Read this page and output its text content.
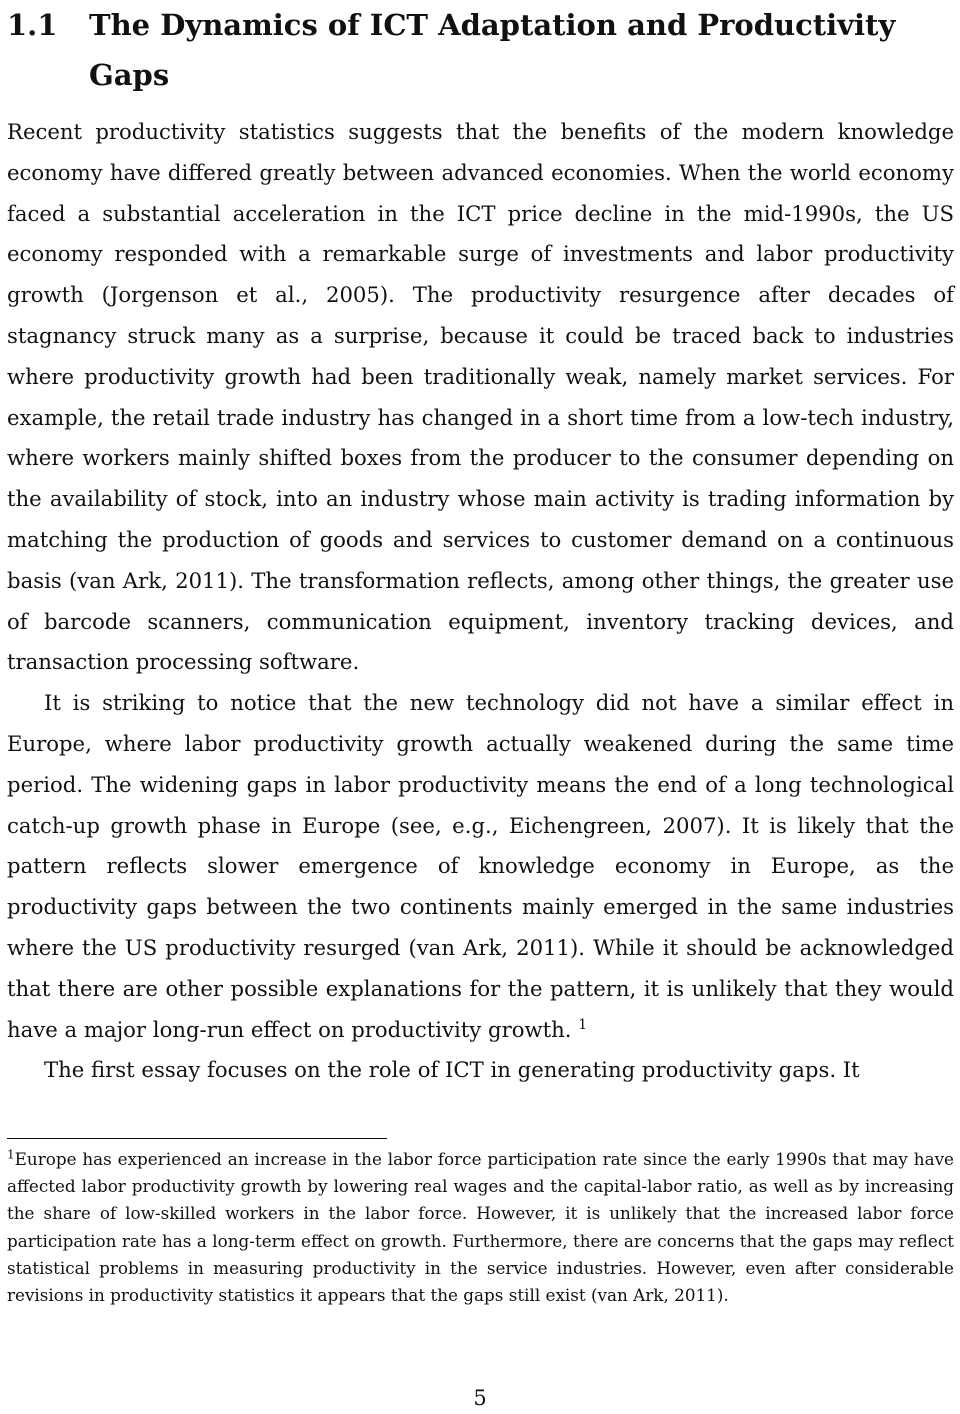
1.1	The Dynamics of ICT Adaptation and Productivity Gaps

Recent productivity statistics suggests that the benefits of the modern knowledge economy have differed greatly between advanced economies. When the world economy faced a substantial acceleration in the ICT price decline in the mid-1990s, the US economy responded with a remarkable surge of investments and labor productivity growth (Jorgenson et al., 2005). The productivity resurgence after decades of stagnancy struck many as a surprise, because it could be traced back to industries where productivity growth had been traditionally weak, namely market services. For example, the retail trade industry has changed in a short time from a low-tech industry, where workers mainly shifted boxes from the producer to the consumer depending on the availability of stock, into an industry whose main activity is trading information by matching the production of goods and services to customer demand on a continuous basis (van Ark, 2011). The transformation reflects, among other things, the greater use of barcode scanners, communication equipment, inventory tracking devices, and transaction processing software.

It is striking to notice that the new technology did not have a similar effect in Europe, where labor productivity growth actually weakened during the same time period. The widening gaps in labor productivity means the end of a long technological catch-up growth phase in Europe (see, e.g., Eichengreen, 2007). It is likely that the pattern reflects slower emergence of knowledge economy in Europe, as the productivity gaps between the two continents mainly emerged in the same industries where the US productivity resurged (van Ark, 2011). While it should be acknowledged that there are other possible explanations for the pattern, it is unlikely that they would have a major long-run effect on productivity growth. $^1$

The first essay focuses on the role of ICT in generating productivity gaps. It

$^1$Europe has experienced an increase in the labor force participation rate since the early 1990s that may have affected labor productivity growth by lowering real wages and the capital-labor ratio, as well as by increasing the share of low-skilled workers in the labor force. However, it is unlikely that the increased labor force participation rate has a long-term effect on growth. Furthermore, there are concerns that the gaps may reflect statistical problems in measuring productivity in the service industries. However, even after considerable revisions in productivity statistics it appears that the gaps still exist (van Ark, 2011).

5
